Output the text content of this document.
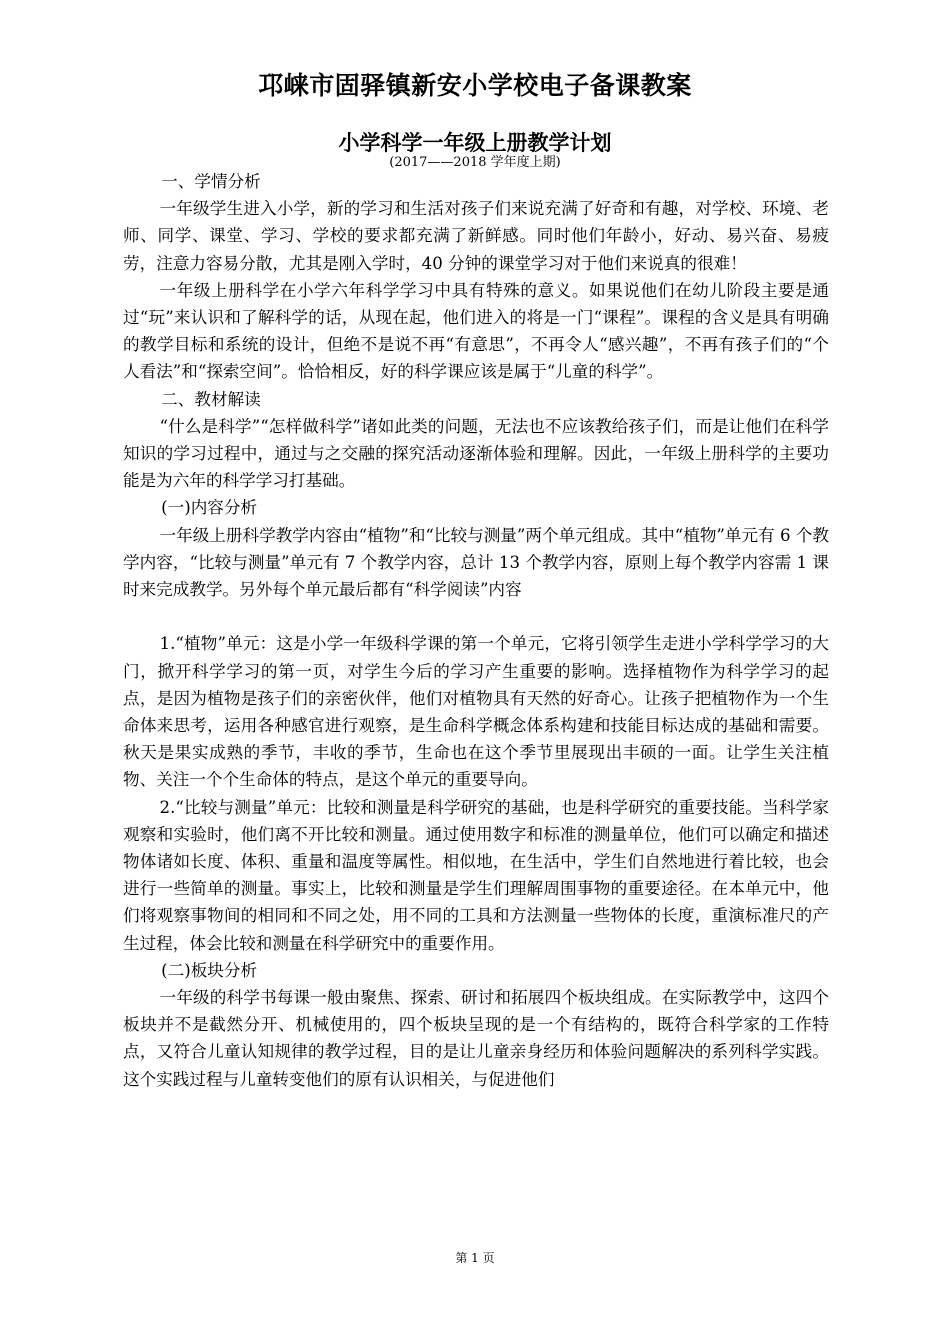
邛崃市固驿镇新安小学校电子备课教案
小学科学一年级上册教学计划
(2017——2018 学年度上期)

一、学情分析

一年级学生进入小学，新的学习和生活对孩子们来说充满了好奇和有趣，对学校、环境、老师、同学、课堂、学习、学校的要求都充满了新鲜感。同时他们年龄小，好动、易兴奋、易疲劳，注意力容易分散，尤其是刚入学时，40 分钟的课堂学习对于他们来说真的很难！

一年级上册科学在小学六年科学学习中具有特殊的意义。如果说他们在幼儿阶段主要是通过“玩”来认识和了解科学的话，从现在起，他们进入的将是一门“课程”。课程的含义是具有明确的教学目标和系统的设计，但绝不是说不再“有意思”，不再令人“感兴趣”，不再有孩子们的“个人看法”和“探索空间”。恰恰相反，好的科学课应该是属于“儿童的科学”。

二、教材解读

“什么是科学”“怎样做科学”诸如此类的问题，无法也不应该教给孩子们，而是让他们在科学知识的学习过程中，通过与之交融的探究活动逐渐体验和理解。因此，一年级上册科学的主要功能是为六年的科学学习打基础。

(一)内容分析

一年级上册科学教学内容由“植物”和“比较与测量”两个单元组成。其中“植物”单元有 6 个教学内容，“比较与测量”单元有 7 个教学内容，总计 13 个教学内容，原则上每个教学内容需 1 课时来完成教学。另外每个单元最后都有“科学阅读”内容

1.“植物”单元：这是小学一年级科学课的第一个单元，它将引领学生走进小学科学学习的大门，掀开科学学习的第一页，对学生今后的学习产生重要的影响。选择植物作为科学学习的起点，是因为植物是孩子们的亲密伙伴，他们对植物具有天然的好奇心。让孩子把植物作为一个生命体来思考，运用各种感官进行观察，是生命科学概念体系构建和技能目标达成的基础和需要。秋天是果实成熟的季节，丰收的季节，生命也在这个季节里展现出丰硕的一面。让学生关注植物、关注一个个生命体的特点，是这个单元的重要导向。

2.“比较与测量”单元：比较和测量是科学研究的基础，也是科学研究的重要技能。当科学家观察和实验时，他们离不开比较和测量。通过使用数字和标准的测量单位，他们可以确定和描述物体诸如长度、体积、重量和温度等属性。相似地，在生活中，学生们自然地进行着比较，也会进行一些简单的测量。事实上，比较和测量是学生们理解周围事物的重要途径。在本单元中，他们将观察事物间的相同和不同之处，用不同的工具和方法测量一些物体的长度，重演标准尺的产生过程，体会比较和测量在科学研究中的重要作用。

(二)板块分析

一年级的科学书每课一般由聚焦、探索、研讨和拓展四个板块组成。在实际教学中，这四个板块并不是截然分开、机械使用的，四个板块呈现的是一个有结构的，既符合科学家的工作特点，又符合儿童认知规律的教学过程，目的是让儿童亲身经历和体验问题解决的系列科学实践。这个实践过程与儿童转变他们的原有认识相关，与促进他们

第 1 页
